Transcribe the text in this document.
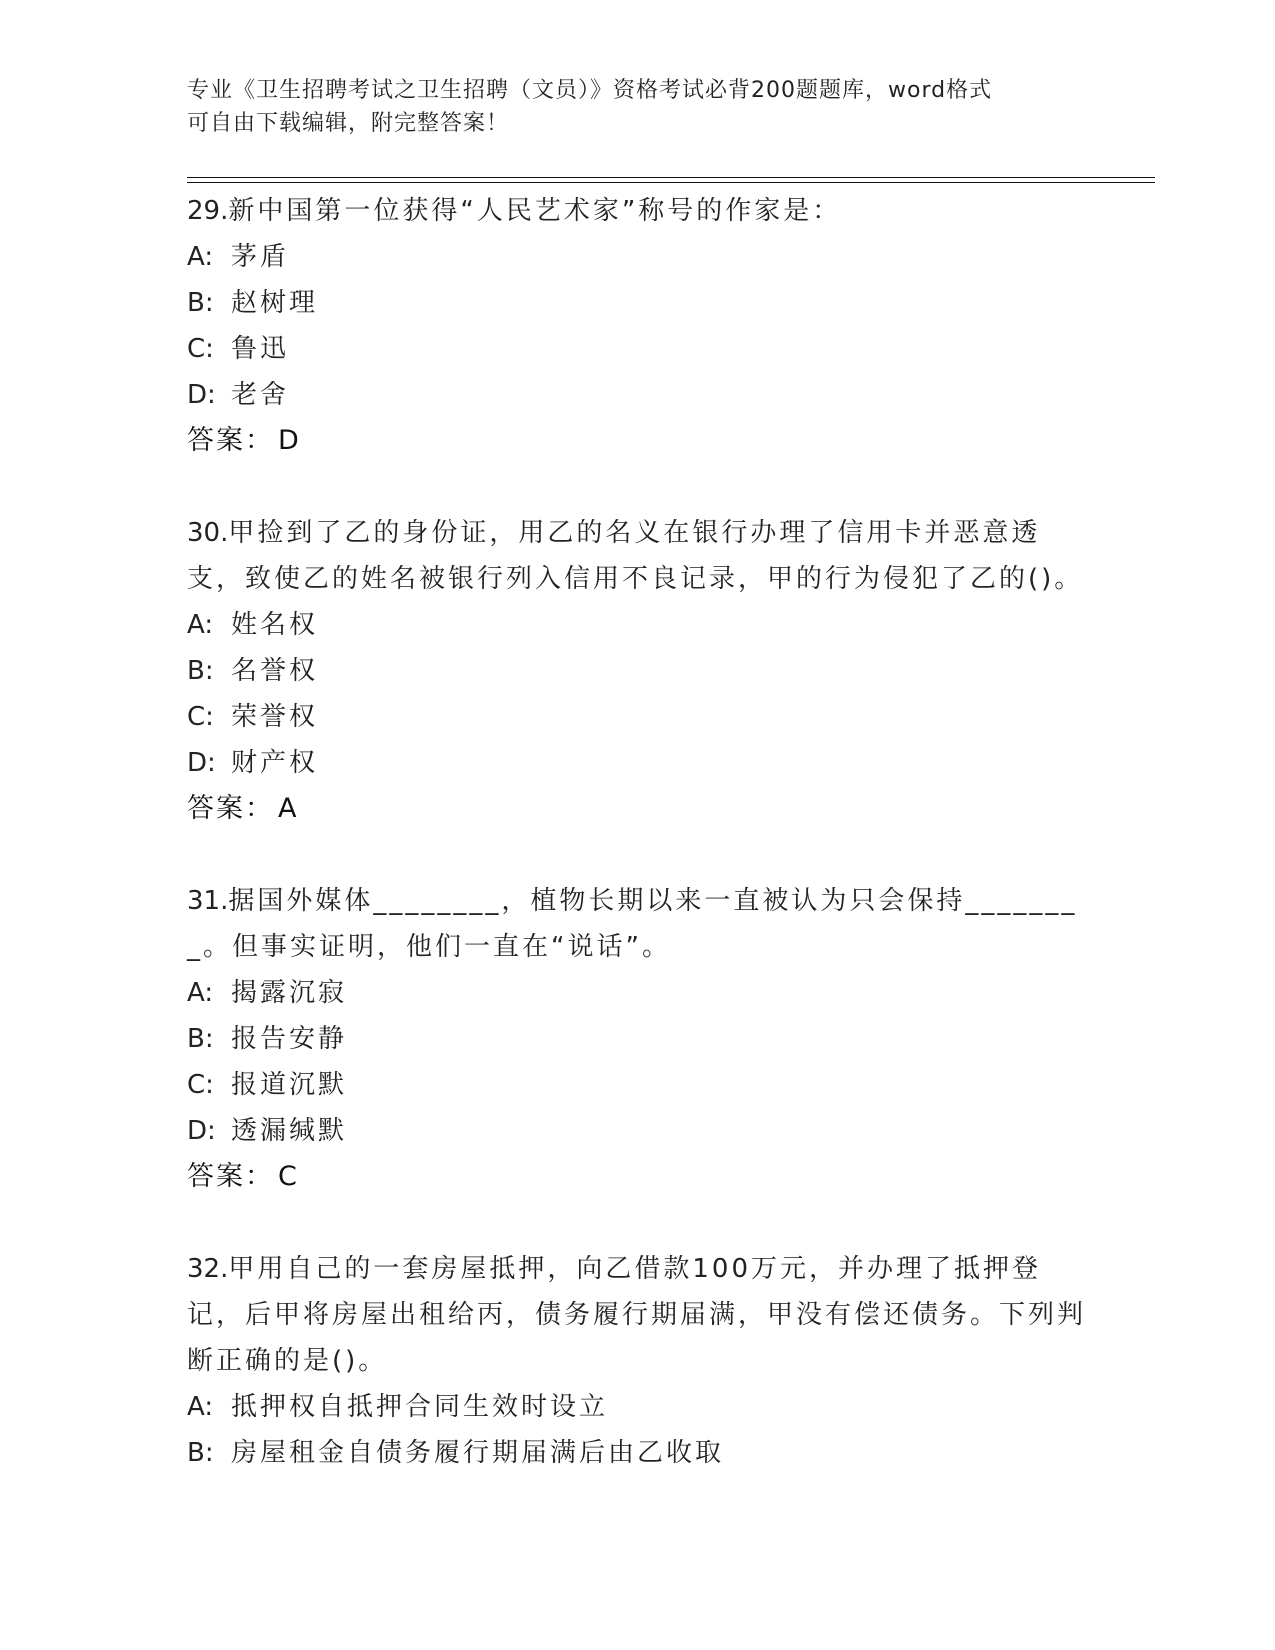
专业《卫生招聘考试之卫生招聘（文员）》资格考试必背200题题库，word格式
可自由下载编辑，附完整答案！
29.新中国第一位获得“人民艺术家”称号的作家是：
A: 茅盾
B: 赵树理
C: 鲁迅
D: 老舍
答案： D
30.甲捡到了乙的身份证，用乙的名义在银行办理了信用卡并恶意透支，致使乙的姓名被银行列入信用不良记录，甲的行为侵犯了乙的()。
A: 姓名权
B: 名誉权
C: 荣誉权
D: 财产权
答案： A
31.据国外媒体________，植物长期以来一直被认为只会保持________。但事实证明，他们一直在“说话”。
A: 揭露沉寂
B: 报告安静
C: 报道沉默
D: 透漏缄默
答案： C
32.甲用自己的一套房屋抵押，向乙借款100万元，并办理了抵押登记，后甲将房屋出租给丙，债务履行期届满，甲没有偿还债务。下列判断正确的是()。
A: 抵押权自抵押合同生效时设立
B: 房屋租金自债务履行期届满后由乙收取
